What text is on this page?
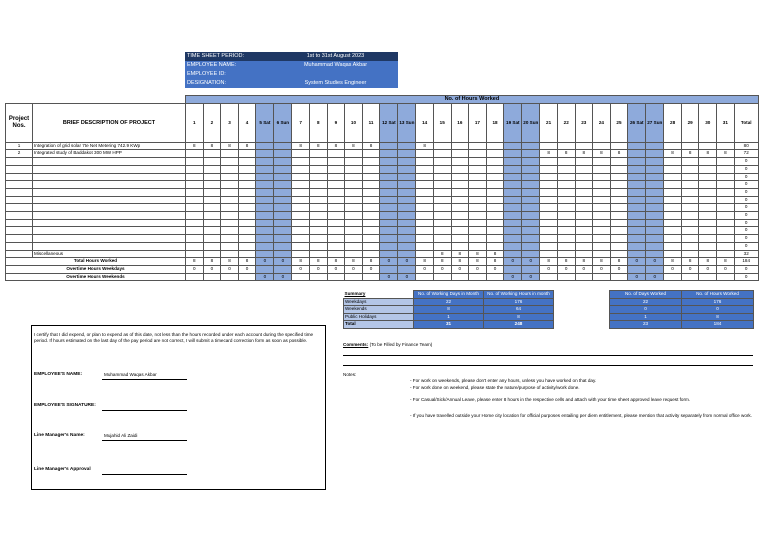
TIME SHEET PERIOD:	1st to 31st August 2023
EMPLOYEE NAME:	Muhammad Waqas Akbar
EMPLOYEE ID:
DESIGNATION:	System Studies Engineer
		No. of Hours Worked																															
Project Nos.	BRIEF DESCRIPTION OF PROJECT	1	2	3	4	5 Sat	6 Sun	7	8	9	10	11	12 Sat	13 Sun	14	15	16	17	18	19 Sat	20 Sun	21	22	23	24	25	26 Sat	27 Sun	28	29	30	31	Total
1	Integration of grid solar 7te Net Metering 742.9 KWp	8	8	8	8			8	8	8	8	8			8																		80
2	Integrated study of Baddakot 300 MW HPP																					8	8	8	8	8			8	8	8	8	72
																																	0
																																	0
																																	0
																																	0
																																	0
																																	0
																																	0
																																	0
																																	0
																																	0
																																	0
																																	0
	Miscellaneous															8	8	8	8														32
Total Hours Worked		8	8	8	8	0	0	8	8	8	8	8	0	0	8	8	8	8	8	0	0	8	8	8	8	8	0	0	8	8	8	8	184
Overtime Hours Weekdays		0	0	0	0			0	0	0	0	0			0	0	0	0	0			0	0	0	0	0			0	0	0	0	0
Overtime Hours Weekends						0	0						0	0						0	0						0	0					0
Summary	No. of Working Days in Month	No. of Working Hours in month
Weekdays	22	176
Weekends	8	64
Public Holidays	1	8
Total	31	248
No. of Days Worked	No. of Hours Worked
22	176
0	0
1	8
23	184

I certify that I did expend, or plan to expend as of this date, not less than the hours recorded under each account during the specified time period. If hours estimated on the last day of the pay period are not correct, I will submit a timecard correction form as soon as possible.

EMPLOYEE'S NAME:	Muhammad Waqas Akbar

EMPLOYEE'S SIGNATURE:

Line Manager's Name:	Mujahid Ali Zaidi

Line Manager's Approval

Comments: (To be Filled by Finance Team)
Notes:
- For work on weekends, please don't enter any hours, unless you have worked on that day.
- For work done on weekend, please state the nature/purpose of activity/work done.
- For Casual/Sick/Annual Leave, please enter 8 hours in the respective cells and attach with your time sheet approved leave request form.
- If you have travelled outside your Home city location for official purposes entailing per diem entitlement, please mention that activity separately from normal office work.
